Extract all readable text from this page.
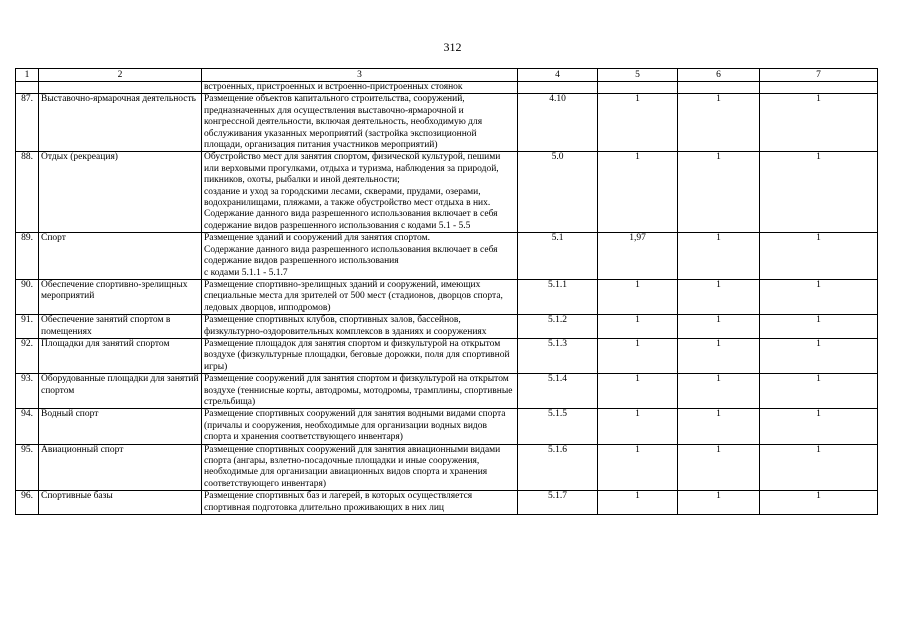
312
1	2	3	4	5	6	7
		встроенных, пристроенных и встроенно-пристроенных стоянок				
87.	Выставочно-ярмарочная деятельность	Размещение объектов капитального строительства, сооружений, предназначенных для осуществления выставочно-ярмарочной и конгрессной деятельности, включая деятельность, необходимую для обслуживания указанных мероприятий (застройка экспозиционной площади, организация питания участников мероприятий)	4.10	1	1	1
88.	Отдых (рекреация)	Обустройство мест для занятия спортом, физической культурой, пешими или верховыми прогулками, отдыха и туризма, наблюдения за природой, пикников, охоты, рыбалки и иной деятельности;
создание и уход за городскими лесами, скверами, прудами, озерами, водохранилищами, пляжами, а также обустройство мест отдыха в них.
Содержание данного вида разрешенного использования включает в себя содержание видов разрешенного использования с кодами 5.1 - 5.5	5.0	1	1	1
89.	Спорт	Размещение зданий и сооружений для занятия спортом.
Содержание данного вида разрешенного использования включает в себя содержание видов разрешенного использования
с кодами 5.1.1 - 5.1.7	5.1	1,97	1	1
90.	Обеспечение спортивно-зрелищных мероприятий	Размещение спортивно-зрелищных зданий и сооружений, имеющих специальные места для зрителей от 500 мест (стадионов, дворцов спорта, ледовых дворцов, ипподромов)	5.1.1	1	1	1
91.	Обеспечение занятий спортом в помещениях	Размещение спортивных клубов, спортивных залов, бассейнов, физкультурно-оздоровительных комплексов в зданиях и сооружениях	5.1.2	1	1	1
92.	Площадки для занятий спортом	Размещение площадок для занятия спортом и физкультурой на открытом воздухе (физкультурные площадки, беговые дорожки, поля для спортивной игры)	5.1.3	1	1	1
93.	Оборудованные площадки для занятий спортом	Размещение сооружений для занятия спортом и физкультурой на открытом воздухе (теннисные корты, автодромы, мотодромы, трамплины, спортивные стрельбища)	5.1.4	1	1	1
94.	Водный спорт	Размещение спортивных сооружений для занятия водными видами спорта (причалы и сооружения, необходимые для организации водных видов спорта и хранения соответствующего инвентаря)	5.1.5	1	1	1
95.	Авиационный спорт	Размещение спортивных сооружений для занятия авиационными видами спорта (ангары, взлетно-посадочные площадки и иные сооружения, необходимые для организации авиационных видов спорта и хранения соответствующего инвентаря)	5.1.6	1	1	1
96.	Спортивные базы	Размещение спортивных баз и лагерей, в которых осуществляется спортивная подготовка длительно проживающих в них лиц	5.1.7	1	1	1
